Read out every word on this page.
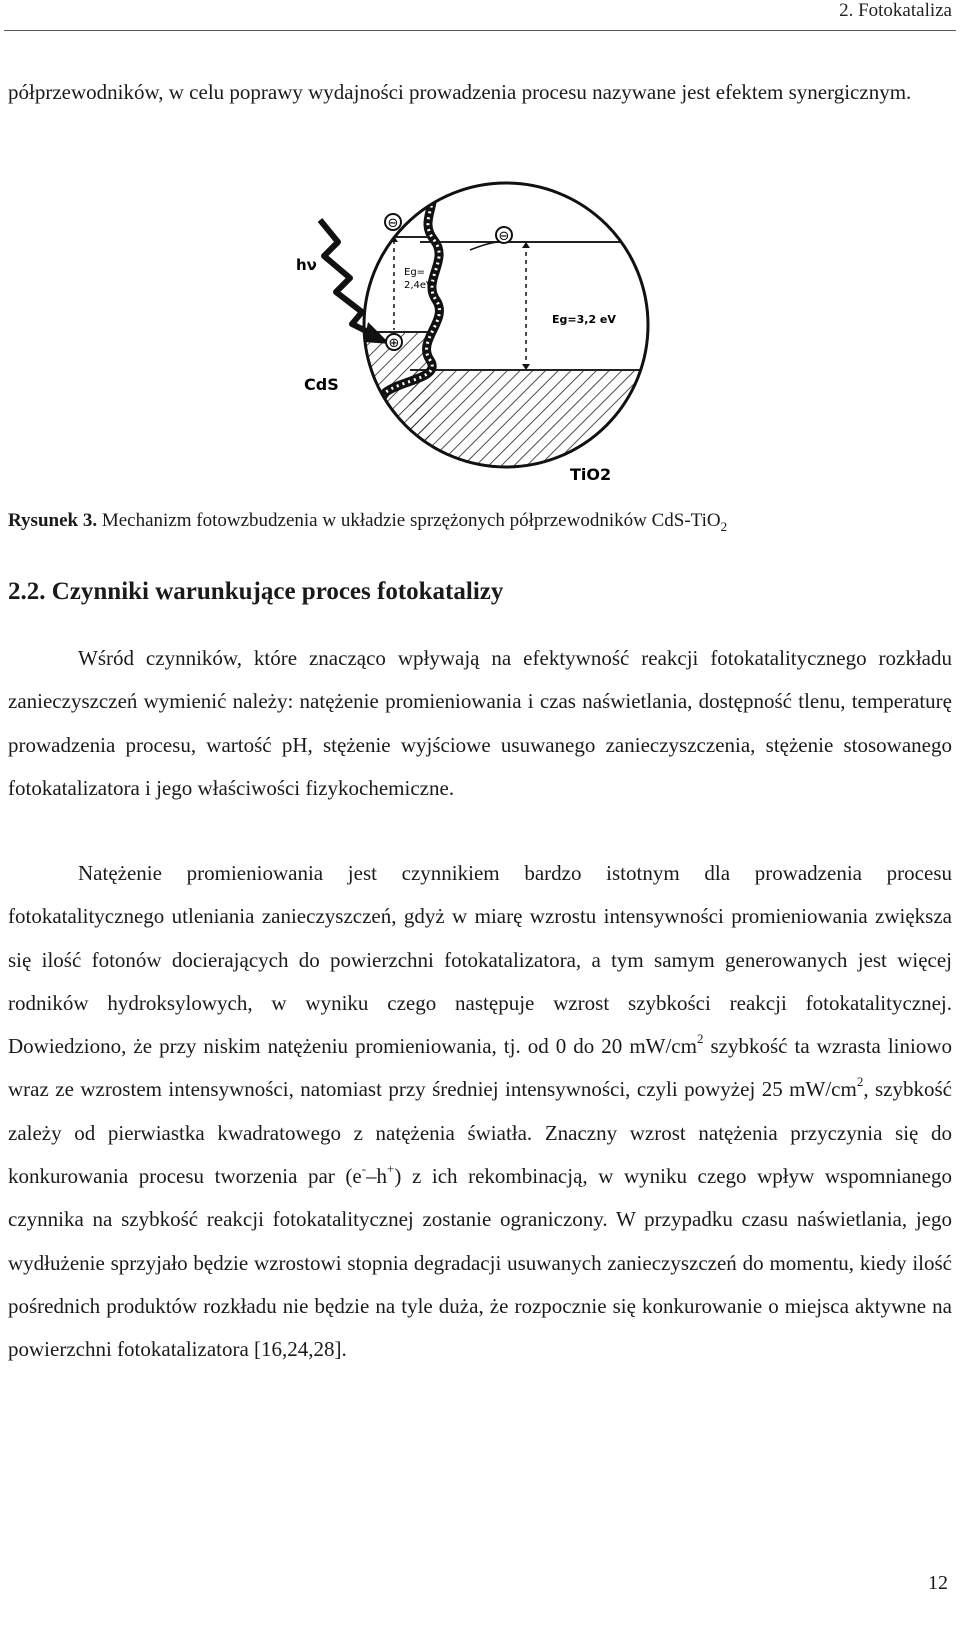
2. Fotokataliza

półprzewodników, w celu poprawy wydajności prowadzenia procesu nazywane jest efektem synergicznym.

hν
⊖
⊖
⊕
Eg=
2,4eV
Eg=3,2 eV
CdS
TiO2

Rysunek 3. Mechanizm fotowzbudzenia w układzie sprzężonych półprzewodników CdS-TiO$_2$

2.2. Czynniki warunkujące proces fotokatalizy

Wśród czynników, które znacząco wpływają na efektywność reakcji fotokatalitycznego rozkładu zanieczyszczeń wymienić należy: natężenie promieniowania i czas naświetlania, dostępność tlenu, temperaturę prowadzenia procesu, wartość pH, stężenie wyjściowe usuwanego zanieczyszczenia, stężenie stosowanego fotokatalizatora i jego właściwości fizykochemiczne.

Natężenie promieniowania jest czynnikiem bardzo istotnym dla prowadzenia procesu fotokatalitycznego utleniania zanieczyszczeń, gdyż w miarę wzrostu intensywności promieniowania zwiększa się ilość fotonów docierających do powierzchni fotokatalizatora, a tym samym generowanych jest więcej rodników hydroksylowych, w wyniku czego następuje wzrost szybkości reakcji fotokatalitycznej. Dowiedziono, że przy niskim natężeniu promieniowania, tj. od 0 do 20 $mW/cm^2$ szybkość ta wzrasta liniowo wraz ze wzrostem intensywności, natomiast przy średniej intensywności, czyli powyżej 25 $mW/cm^2$, szybkość zależy od pierwiastka kwadratowego z natężenia światła. Znaczny wzrost natężenia przyczynia się do konkurowania procesu tworzenia par (e-–h+) z ich rekombinacją, w wyniku czego wpływ wspomnianego czynnika na szybkość reakcji fotokatalitycznej zostanie ograniczony. W przypadku czasu naświetlania, jego wydłużenie sprzyjało będzie wzrostowi stopnia degradacji usuwanych zanieczyszczeń do momentu, kiedy ilość pośrednich produktów rozkładu nie będzie na tyle duża, że rozpocznie się konkurowanie o miejsca aktywne na powierzchni fotokatalizatora [16,24,28].

12
